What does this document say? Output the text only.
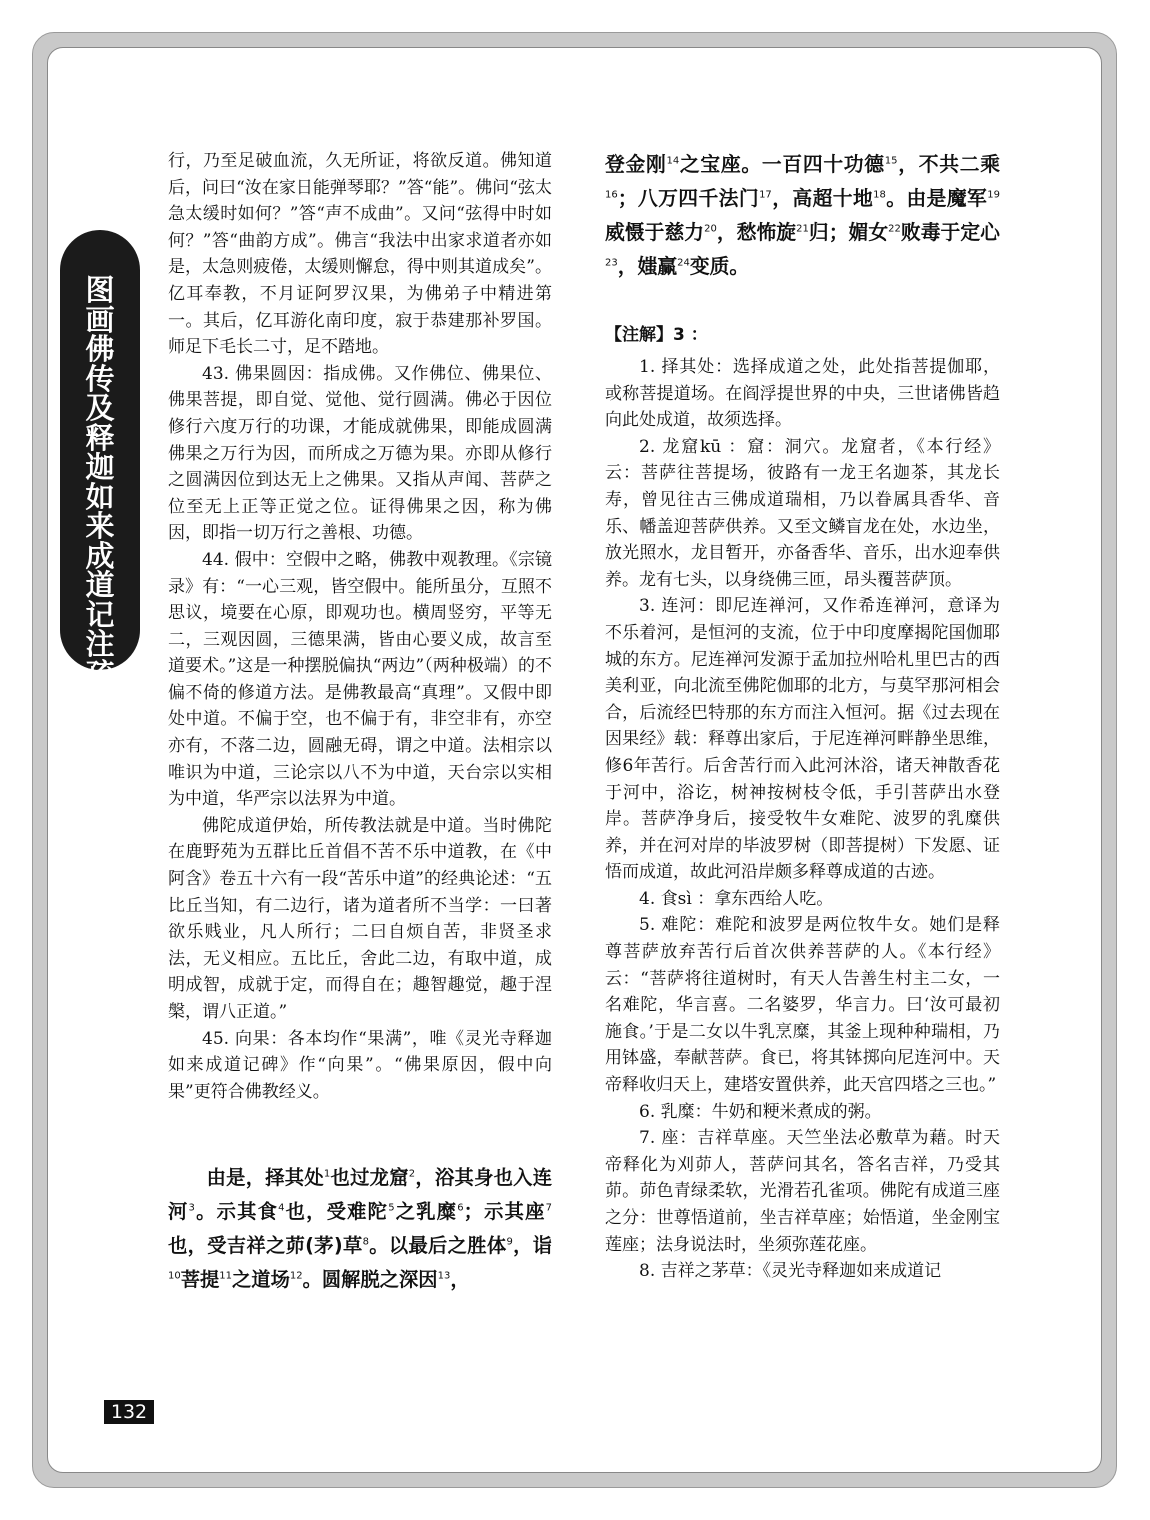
图
画
佛
传
及
释
迦
如
来
成
道
记
注
疏

行，乃至足破血流，久无所证，将欲反道。佛知道后，问曰“汝在家日能弹琴耶？”答“能”。佛问“弦太急太缓时如何？”答“声不成曲”。又问“弦得中时如何？”答“曲韵方成”。佛言“我法中出家求道者亦如是，太急则疲倦，太缓则懈怠，得中则其道成矣”。亿耳奉教，不月证阿罗汉果，为佛弟子中精进第一。其后，亿耳游化南印度，寂于恭建那补罗国。师足下毛长二寸，足不踏地。

43. 佛果圆因：指成佛。又作佛位、佛果位、佛果菩提，即自觉、觉他、觉行圆满。佛必于因位修行六度万行的功课，才能成就佛果，即能成圆满佛果之万行为因，而所成之万德为果。亦即从修行之圆满因位到达无上之佛果。又指从声闻、菩萨之位至无上正等正觉之位。证得佛果之因，称为佛因，即指一切万行之善根、功德。

44. 假中：空假中之略，佛教中观教理。《宗镜录》有：“一心三观，皆空假中。能所虽分，互照不思议，境要在心原，即观功也。横周竖穷，平等无二，三观因圆，三德果满，皆由心要义成，故言至道要术。”这是一种摆脱偏执“两边”（两种极端）的不偏不倚的修道方法。是佛教最高“真理”。又假中即处中道。不偏于空，也不偏于有，非空非有，亦空亦有，不落二边，圆融无碍，谓之中道。法相宗以唯识为中道，三论宗以八不为中道，天台宗以实相为中道，华严宗以法界为中道。

佛陀成道伊始，所传教法就是中道。当时佛陀在鹿野苑为五群比丘首倡不苦不乐中道教，在《中阿含》卷五十六有一段“苦乐中道”的经典论述：“五比丘当知，有二边行，诸为道者所不当学：一曰著欲乐贱业，凡人所行；二曰自烦自苦，非贤圣求法，无义相应。五比丘，舍此二边，有取中道，成明成智，成就于定，而得自在；趣智趣觉，趣于涅槃，谓八正道。”

45. 向果：各本均作“果满”，唯《灵光寺释迦如来成道记碑》作“向果”。“佛果原因，假中向果”更符合佛教经义。

由是，择其处$^1$也过龙窟$^2$，浴其身也入连河$^3$。示其食$^4$也，受难陀$^5$之乳糜$^6$；示其座$^7$也，受吉祥之茆(茅)草$^8$。以最后之胜体$^9$，诣$^{10}$菩提$^{11}$之道场$^{12}$。圆解脱之深因$^{13}$，

登金刚$^{14}$之宝座。一百四十功德$^{15}$，不共二乘$^{16}$；八万四千法门$^{17}$，高超十地$^{18}$。由是魔军$^{19}$威慑于慈力$^{20}$，愁怖旋$^{21}$归；媚女$^{22}$败毒于定心$^{23}$，媸赢$^{24}$变质。

【注解】3 ：

1. 择其处：选择成道之处，此处指菩提伽耶，或称菩提道场。在阎浮提世界的中央，三世诸佛皆趋向此处成道，故须选择。

2. 龙窟kū ：窟：洞穴。龙窟者，《本行经》云：菩萨往菩提场，彼路有一龙王名迦茶，其龙长寿，曾见往古三佛成道瑞相，乃以眷属具香华、音乐、幡盖迎菩萨供养。又至文鳞盲龙在处，水边坐，放光照水，龙目暂开，亦备香华、音乐，出水迎奉供养。龙有七头，以身绕佛三匝，昂头覆菩萨顶。

3. 连河：即尼连禅河，又作希连禅河，意译为不乐着河，是恒河的支流，位于中印度摩揭陀国伽耶城的东方。尼连禅河发源于孟加拉州哈札里巴古的西美利亚，向北流至佛陀伽耶的北方，与莫罕那河相会合，后流经巴特那的东方而注入恒河。据《过去现在因果经》载：释尊出家后，于尼连禅河畔静坐思维，修6年苦行。后舍苦行而入此河沐浴，诸天神散香花于河中，浴讫，树神按树枝令低，手引菩萨出水登岸。菩萨净身后，接受牧牛女难陀、波罗的乳糜供养，并在河对岸的毕波罗树（即菩提树）下发愿、证悟而成道，故此河沿岸颇多释尊成道的古迹。

4. 食sì ：拿东西给人吃。

5. 难陀：难陀和波罗是两位牧牛女。她们是释尊菩萨放弃苦行后首次供养菩萨的人。《本行经》云：“菩萨将往道树时，有天人告善生村主二女，一名难陀，华言喜。二名婆罗，华言力。曰‘汝可最初施食。’于是二女以牛乳烹糜，其釜上现种种瑞相，乃用钵盛，奉献菩萨。食已，将其钵掷向尼连河中。天帝释收归天上，建塔安置供养，此天宫四塔之三也。”

6. 乳糜：牛奶和粳米煮成的粥。

7. 座：吉祥草座。天竺坐法必敷草为藉。时天帝释化为刈茆人，菩萨问其名，答名吉祥，乃受其茆。茆色青绿柔软，光滑若孔雀项。佛陀有成道三座之分：世尊悟道前，坐吉祥草座；始悟道，坐金刚宝莲座；法身说法时，坐须弥莲花座。

8. 吉祥之茅草：《灵光寺释迦如来成道记

132
